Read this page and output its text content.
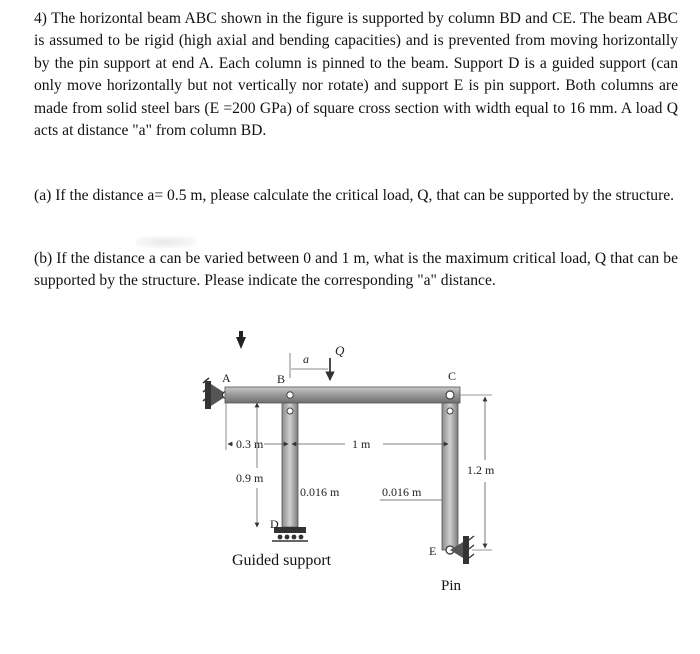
4) The horizontal beam ABC shown in the figure is supported by column BD and CE. The beam ABC is assumed to be rigid (high axial and bending capacities) and is prevented from moving horizontally by the pin support at end A. Each column is pinned to the beam. Support D is a guided support (can only move horizontally but not vertically nor rotate) and support E is pin support. Both columns are made from solid steel bars (E =200 GPa) of square cross section with width equal to 16 mm. A load Q acts at distance "a" from column BD.

(a) If the distance a= 0.5 m, please calculate the critical load, Q, that can be supported by the structure.

(b) If the distance a can be varied between 0 and 1 m, what is the maximum critical load, Q that can be supported by the structure. Please indicate the corresponding "a" distance.

A	B	C
D
E
a
Q
0.3 m	1 m
0.9 m
1.2 m
0.016 m	0.016 m
Guided support
Pin
